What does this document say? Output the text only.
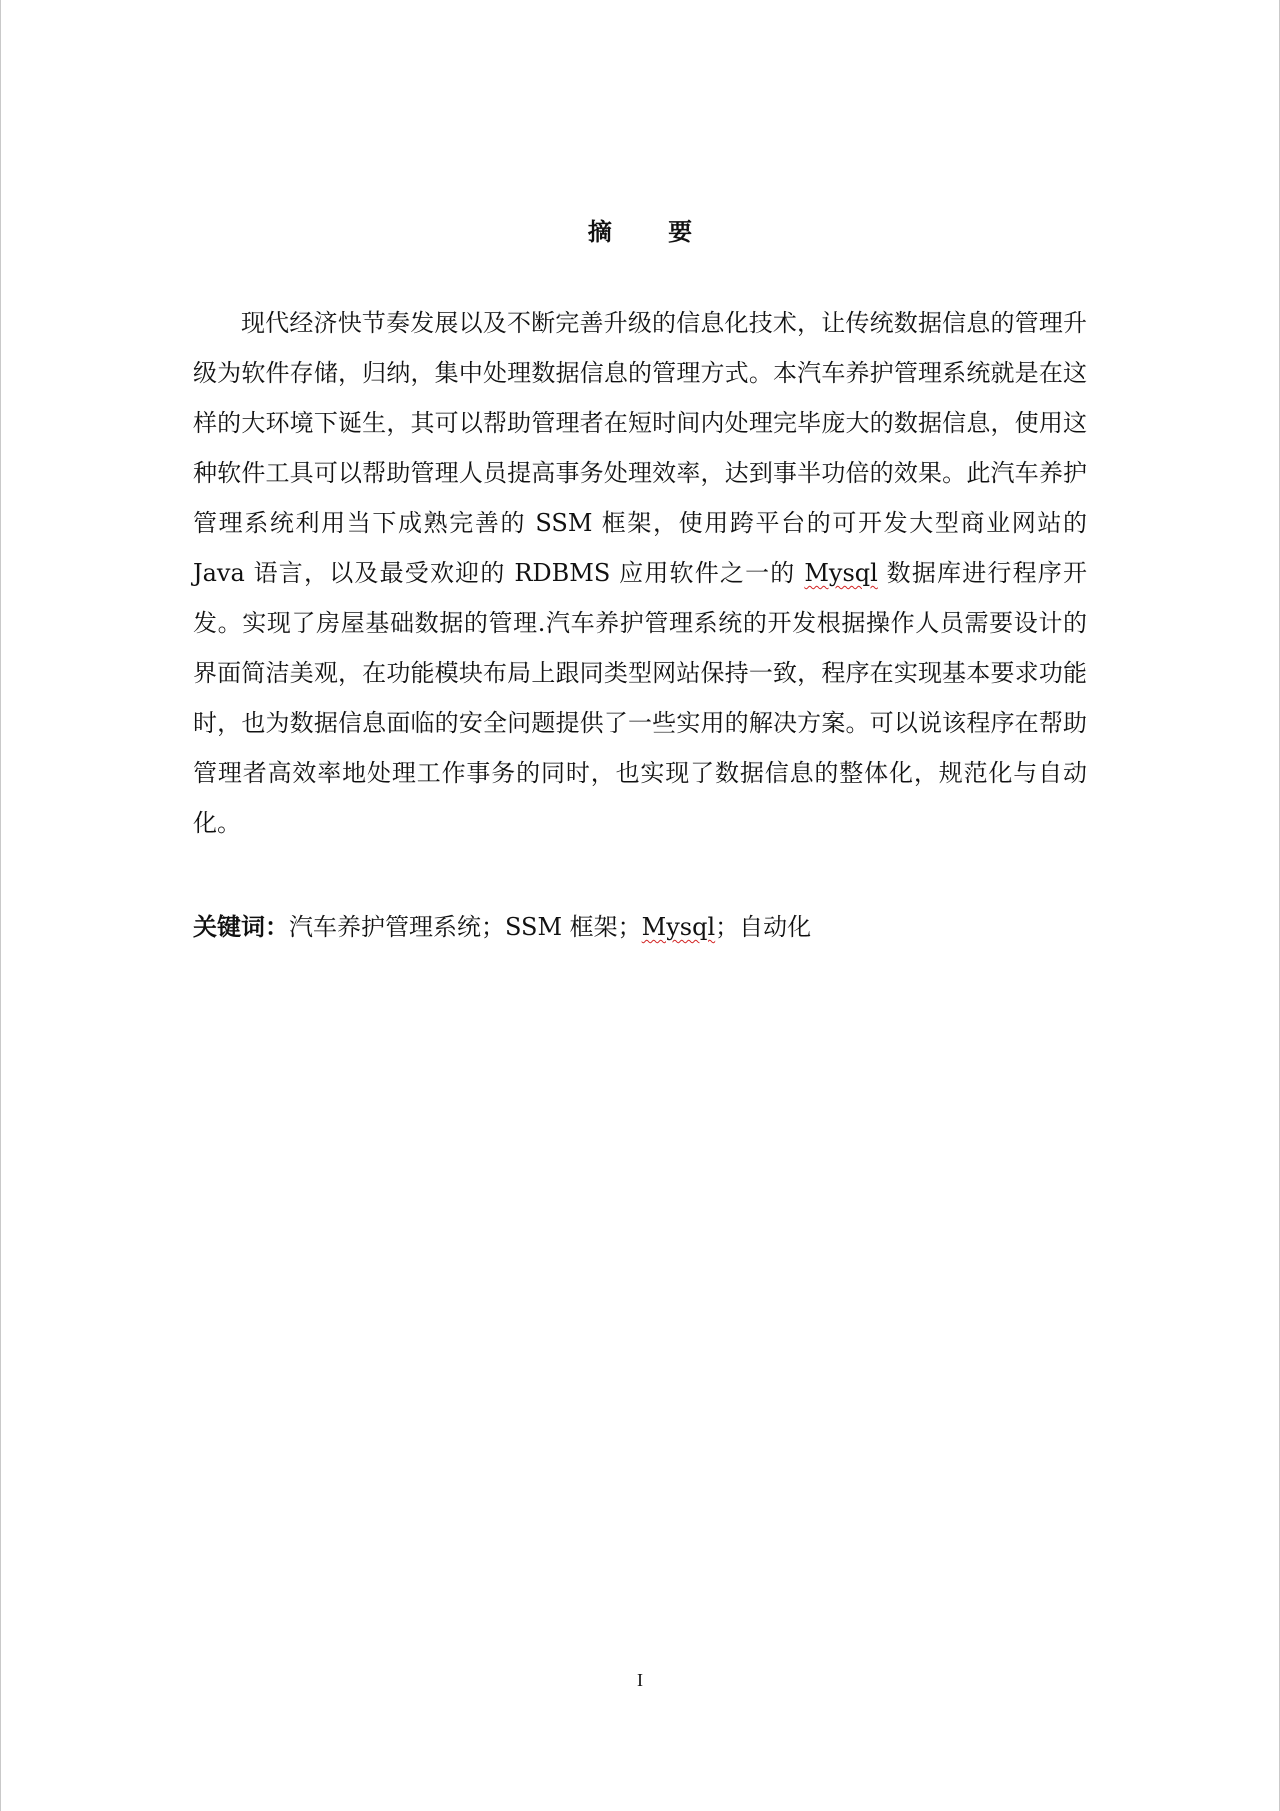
摘 要

现代经济快节奏发展以及不断完善升级的信息化技术，让传统数据信息的管理升级为软件存储，归纳，集中处理数据信息的管理方式。本汽车养护管理系统就是在这样的大环境下诞生，其可以帮助管理者在短时间内处理完毕庞大的数据信息，使用这种软件工具可以帮助管理人员提高事务处理效率，达到事半功倍的效果。此汽车养护管理系统利用当下成熟完善的 SSM 框架，使用跨平台的可开发大型商业网站的 Java 语言，以及最受欢迎的 RDBMS 应用软件之一的 Mysql 数据库进行程序开发。实现了房屋基础数据的管理.汽车养护管理系统的开发根据操作人员需要设计的界面简洁美观，在功能模块布局上跟同类型网站保持一致，程序在实现基本要求功能时，也为数据信息面临的安全问题提供了一些实用的解决方案。可以说该程序在帮助管理者高效率地处理工作事务的同时，也实现了数据信息的整体化，规范化与自动化。

关键词：汽车养护管理系统；SSM 框架；Mysql；自动化

I
